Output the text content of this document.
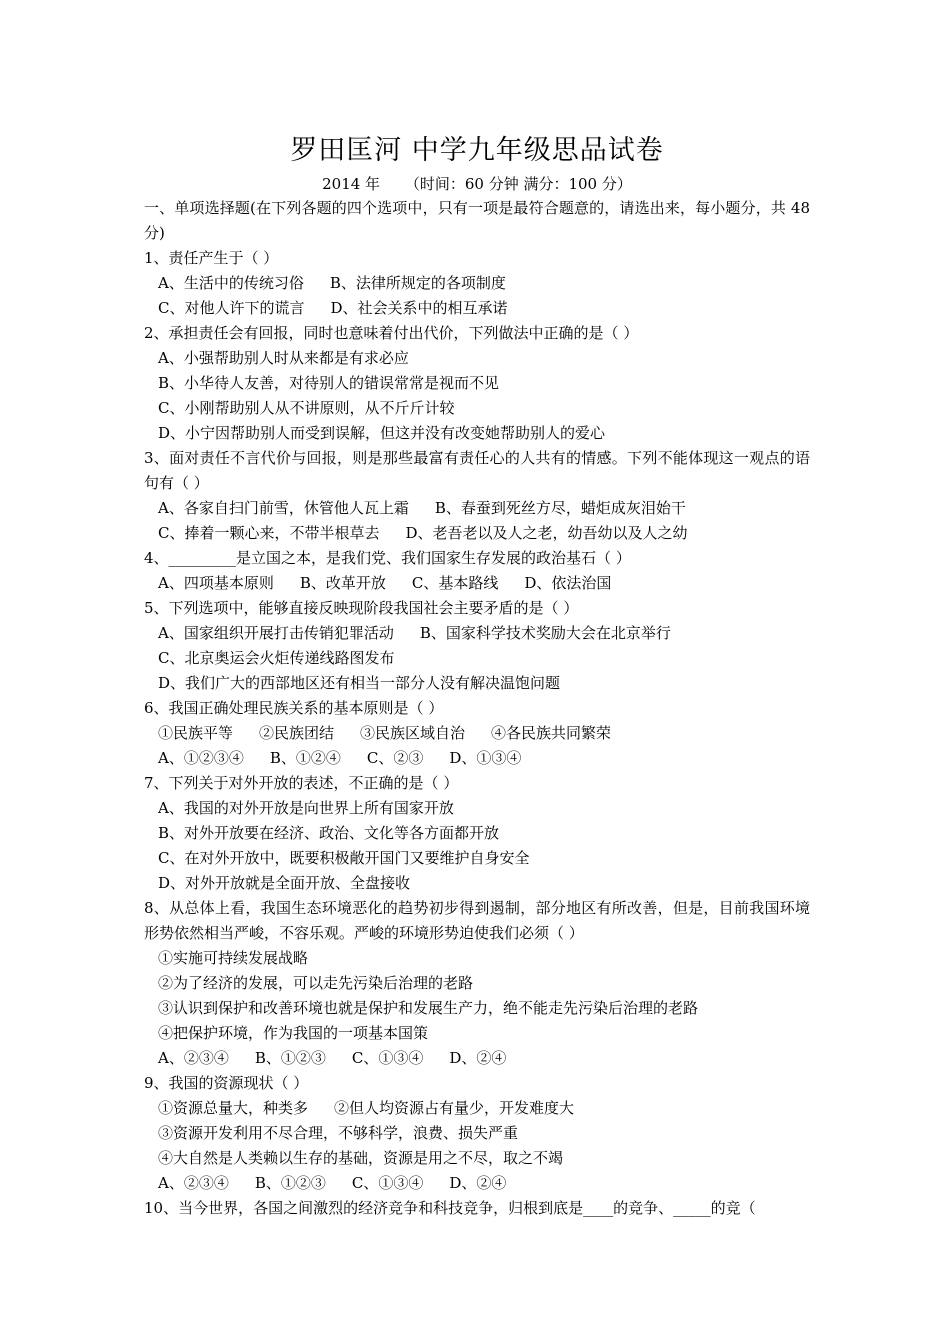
罗田匡河 中学九年级思品试卷
2014 年 （时间：60 分钟 满分：100 分）
一、单项选择题(在下列各题的四个选项中，只有一项是最符合题意的，请选出来，每小题分，共 48 分)
1、责任产生于（ ）
A、生活中的传统习俗 B、法律所规定的各项制度
C、对他人许下的谎言 D、社会关系中的相互承诺
2、承担责任会有回报，同时也意味着付出代价，下列做法中正确的是（ ）
A、小强帮助别人时从来都是有求必应
B、小华待人友善，对待别人的错误常常是视而不见
C、小刚帮助别人从不讲原则，从不斤斤计较
D、小宁因帮助别人而受到误解，但这并没有改变她帮助别人的爱心
3、面对责任不言代价与回报，则是那些最富有责任心的人共有的情感。下列不能体现这一观点的语句有（ ）
A、各家自扫门前雪，休管他人瓦上霜 B、春蚕到死丝方尽，蜡炬成灰泪始干
C、捧着一颗心来，不带半根草去 D、老吾老以及人之老，幼吾幼以及人之幼
4、_________是立国之本，是我们党、我们国家生存发展的政治基石（ ）
A、四项基本原则 B、改革开放 C、基本路线 D、依法治国
5、下列选项中，能够直接反映现阶段我国社会主要矛盾的是（ ）
A、国家组织开展打击传销犯罪活动 B、国家科学技术奖励大会在北京举行
C、北京奥运会火炬传递线路图发布
D、我们广大的西部地区还有相当一部分人没有解决温饱问题
6、我国正确处理民族关系的基本原则是（ ）
①民族平等 ②民族团结 ③民族区域自治 ④各民族共同繁荣
A、①②③④ B、①②④ C、②③ D、①③④
7、下列关于对外开放的表述，不正确的是（ ）
A、我国的对外开放是向世界上所有国家开放
B、对外开放要在经济、政治、文化等各方面都开放
C、在对外开放中，既要积极敞开国门又要维护自身安全
D、对外开放就是全面开放、全盘接收
8、从总体上看，我国生态环境恶化的趋势初步得到遏制，部分地区有所改善，但是，目前我国环境形势依然相当严峻，不容乐观。严峻的环境形势迫使我们必须（ ）
①实施可持续发展战略
②为了经济的发展，可以走先污染后治理的老路
③认识到保护和改善环境也就是保护和发展生产力，绝不能走先污染后治理的老路
④把保护环境，作为我国的一项基本国策
A、②③④ B、①②③ C、①③④ D、②④
9、我国的资源现状（ ）
①资源总量大，种类多 ②但人均资源占有量少，开发难度大
③资源开发利用不尽合理，不够科学，浪费、损失严重
④大自然是人类赖以生存的基础，资源是用之不尽，取之不竭
A、②③④ B、①②③ C、①③④ D、②④
10、当今世界，各国之间激烈的经济竞争和科技竞争，归根到底是____的竞争、_____的竞（
